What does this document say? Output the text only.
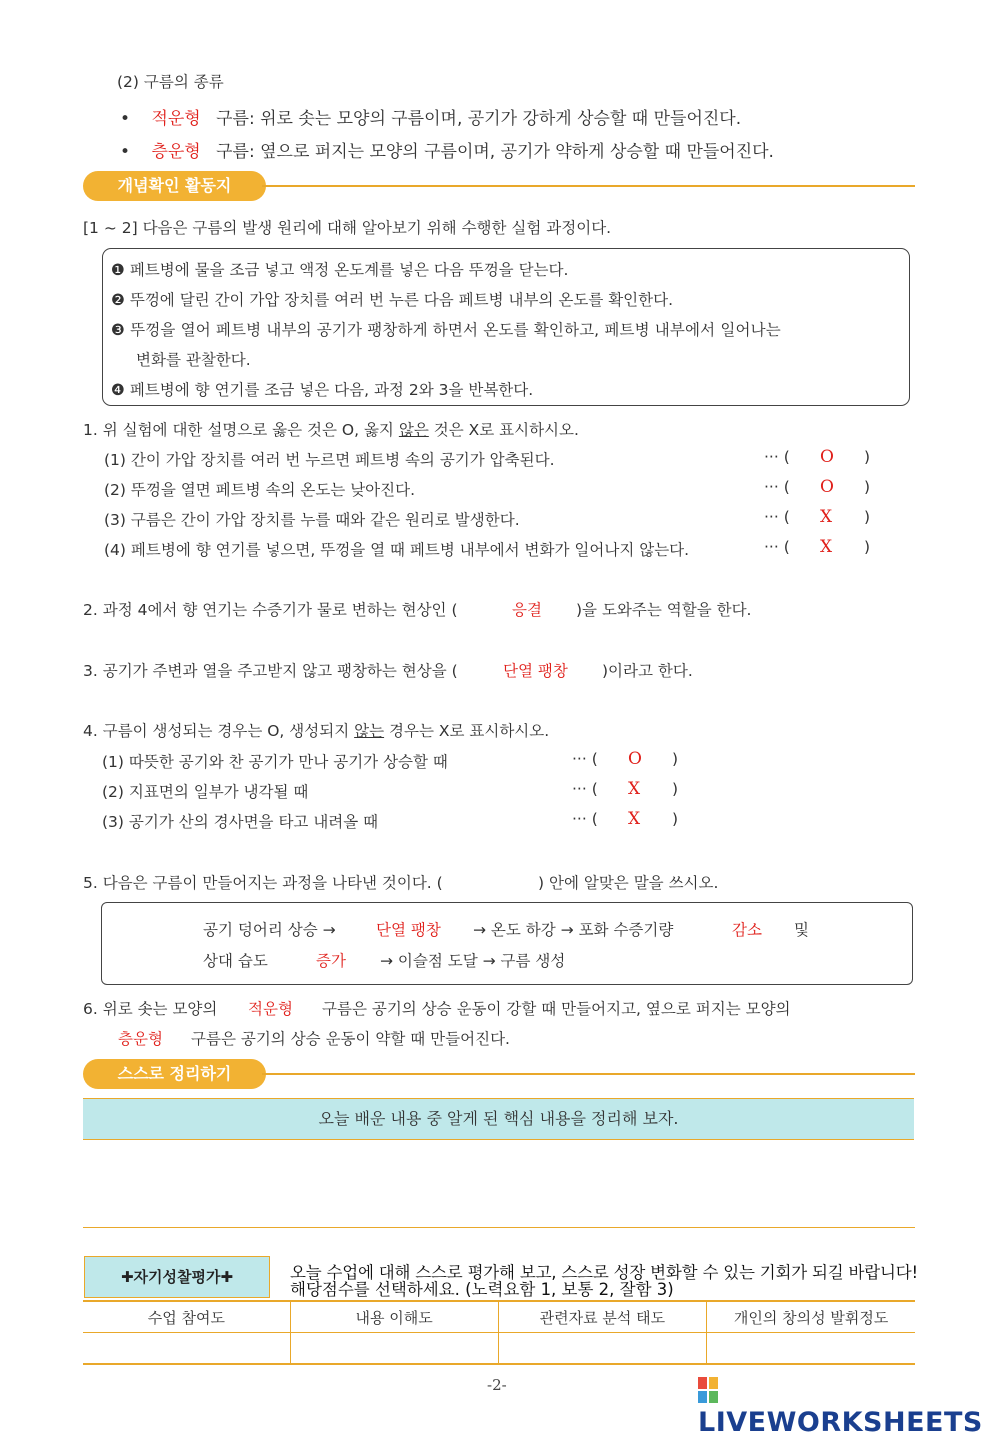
(2) 구름의 종류
• 적운형 구름: 위로 솟는 모양의 구름이며, 공기가 강하게 상승할 때 만들어진다.
• 층운형 구름: 옆으로 퍼지는 모양의 구름이며, 공기가 약하게 상승할 때 만들어진다.
개념확인 활동지
[1 ~ 2] 다음은 구름의 발생 원리에 대해 알아보기 위해 수행한 실험 과정이다.
❶ 페트병에 물을 조금 넣고 액정 온도계를 넣은 다음 뚜껑을 닫는다.
❷ 뚜껑에 달린 간이 가압 장치를 여러 번 누른 다음 페트병 내부의 온도를 확인한다.
❸ 뚜껑을 열어 페트병 내부의 공기가 팽창하게 하면서 온도를 확인하고, 페트병 내부에서 일어나는
변화를 관찰한다.
❹ 페트병에 향 연기를 조금 넣은 다음, 과정 2와 3을 반복한다.
1. 위 실험에 대한 설명으로 옳은 것은 O, 옳지 않은 것은 X로 표시하시오.
(1) 간이 가압 장치를 여러 번 누르면 페트병 속의 공기가 압축된다.	··· ( O )
(2) 뚜껑을 열면 페트병 속의 온도는 낮아진다.	··· ( O )
(3) 구름은 간이 가압 장치를 누를 때와 같은 원리로 발생한다.	··· ( X )
(4) 페트병에 향 연기를 넣으면, 뚜껑을 열 때 페트병 내부에서 변화가 일어나지 않는다.	··· ( X )
2. 과정 4에서 향 연기는 수증기가 물로 변하는 현상인 (	응결 )을 도와주는 역할을 한다.
3. 공기가 주변과 열을 주고받지 않고 팽창하는 현상을 (	단열 팽창 )이라고 한다.
4. 구름이 생성되는 경우는 O, 생성되지 않는 경우는 X로 표시하시오.
(1) 따뜻한 공기와 찬 공기가 만나 공기가 상승할 때	··· ( O )
(2) 지표면의 일부가 냉각될 때	··· ( X )
(3) 공기가 산의 경사면을 타고 내려올 때	··· ( X )
5. 다음은 구름이 만들어지는 과정을 나타낸 것이다. (	) 안에 알맞은 말을 쓰시오.
공기 덩어리 상승 →	단열 팽창 → 온도 하강 → 포화 수증기량	감소 및
상대 습도	증가 → 이슬점 도달 → 구름 생성
6. 위로 솟는 모양의 적운형 구름은 공기의 상승 운동이 강할 때 만들어지고, 옆으로 퍼지는 모양의
층운형 구름은 공기의 상승 운동이 약할 때 만들어진다.
스스로 정리하기
오늘 배운 내용 중 알게 된 핵심 내용을 정리해 보자.
✚자기성찰평가✚	오늘 수업에 대해 스스로 평가해 보고, 스스로 성장 변화할 수 있는 기회가 되길 바랍니다!
해당점수를 선택하세요. (노력요함 1, 보통 2, 잘함 3)
수업 참여도	내용 이해도	관련자료 분석 태도	개인의 창의성 발휘정도

-2-
LIVEWORKSHEETS
